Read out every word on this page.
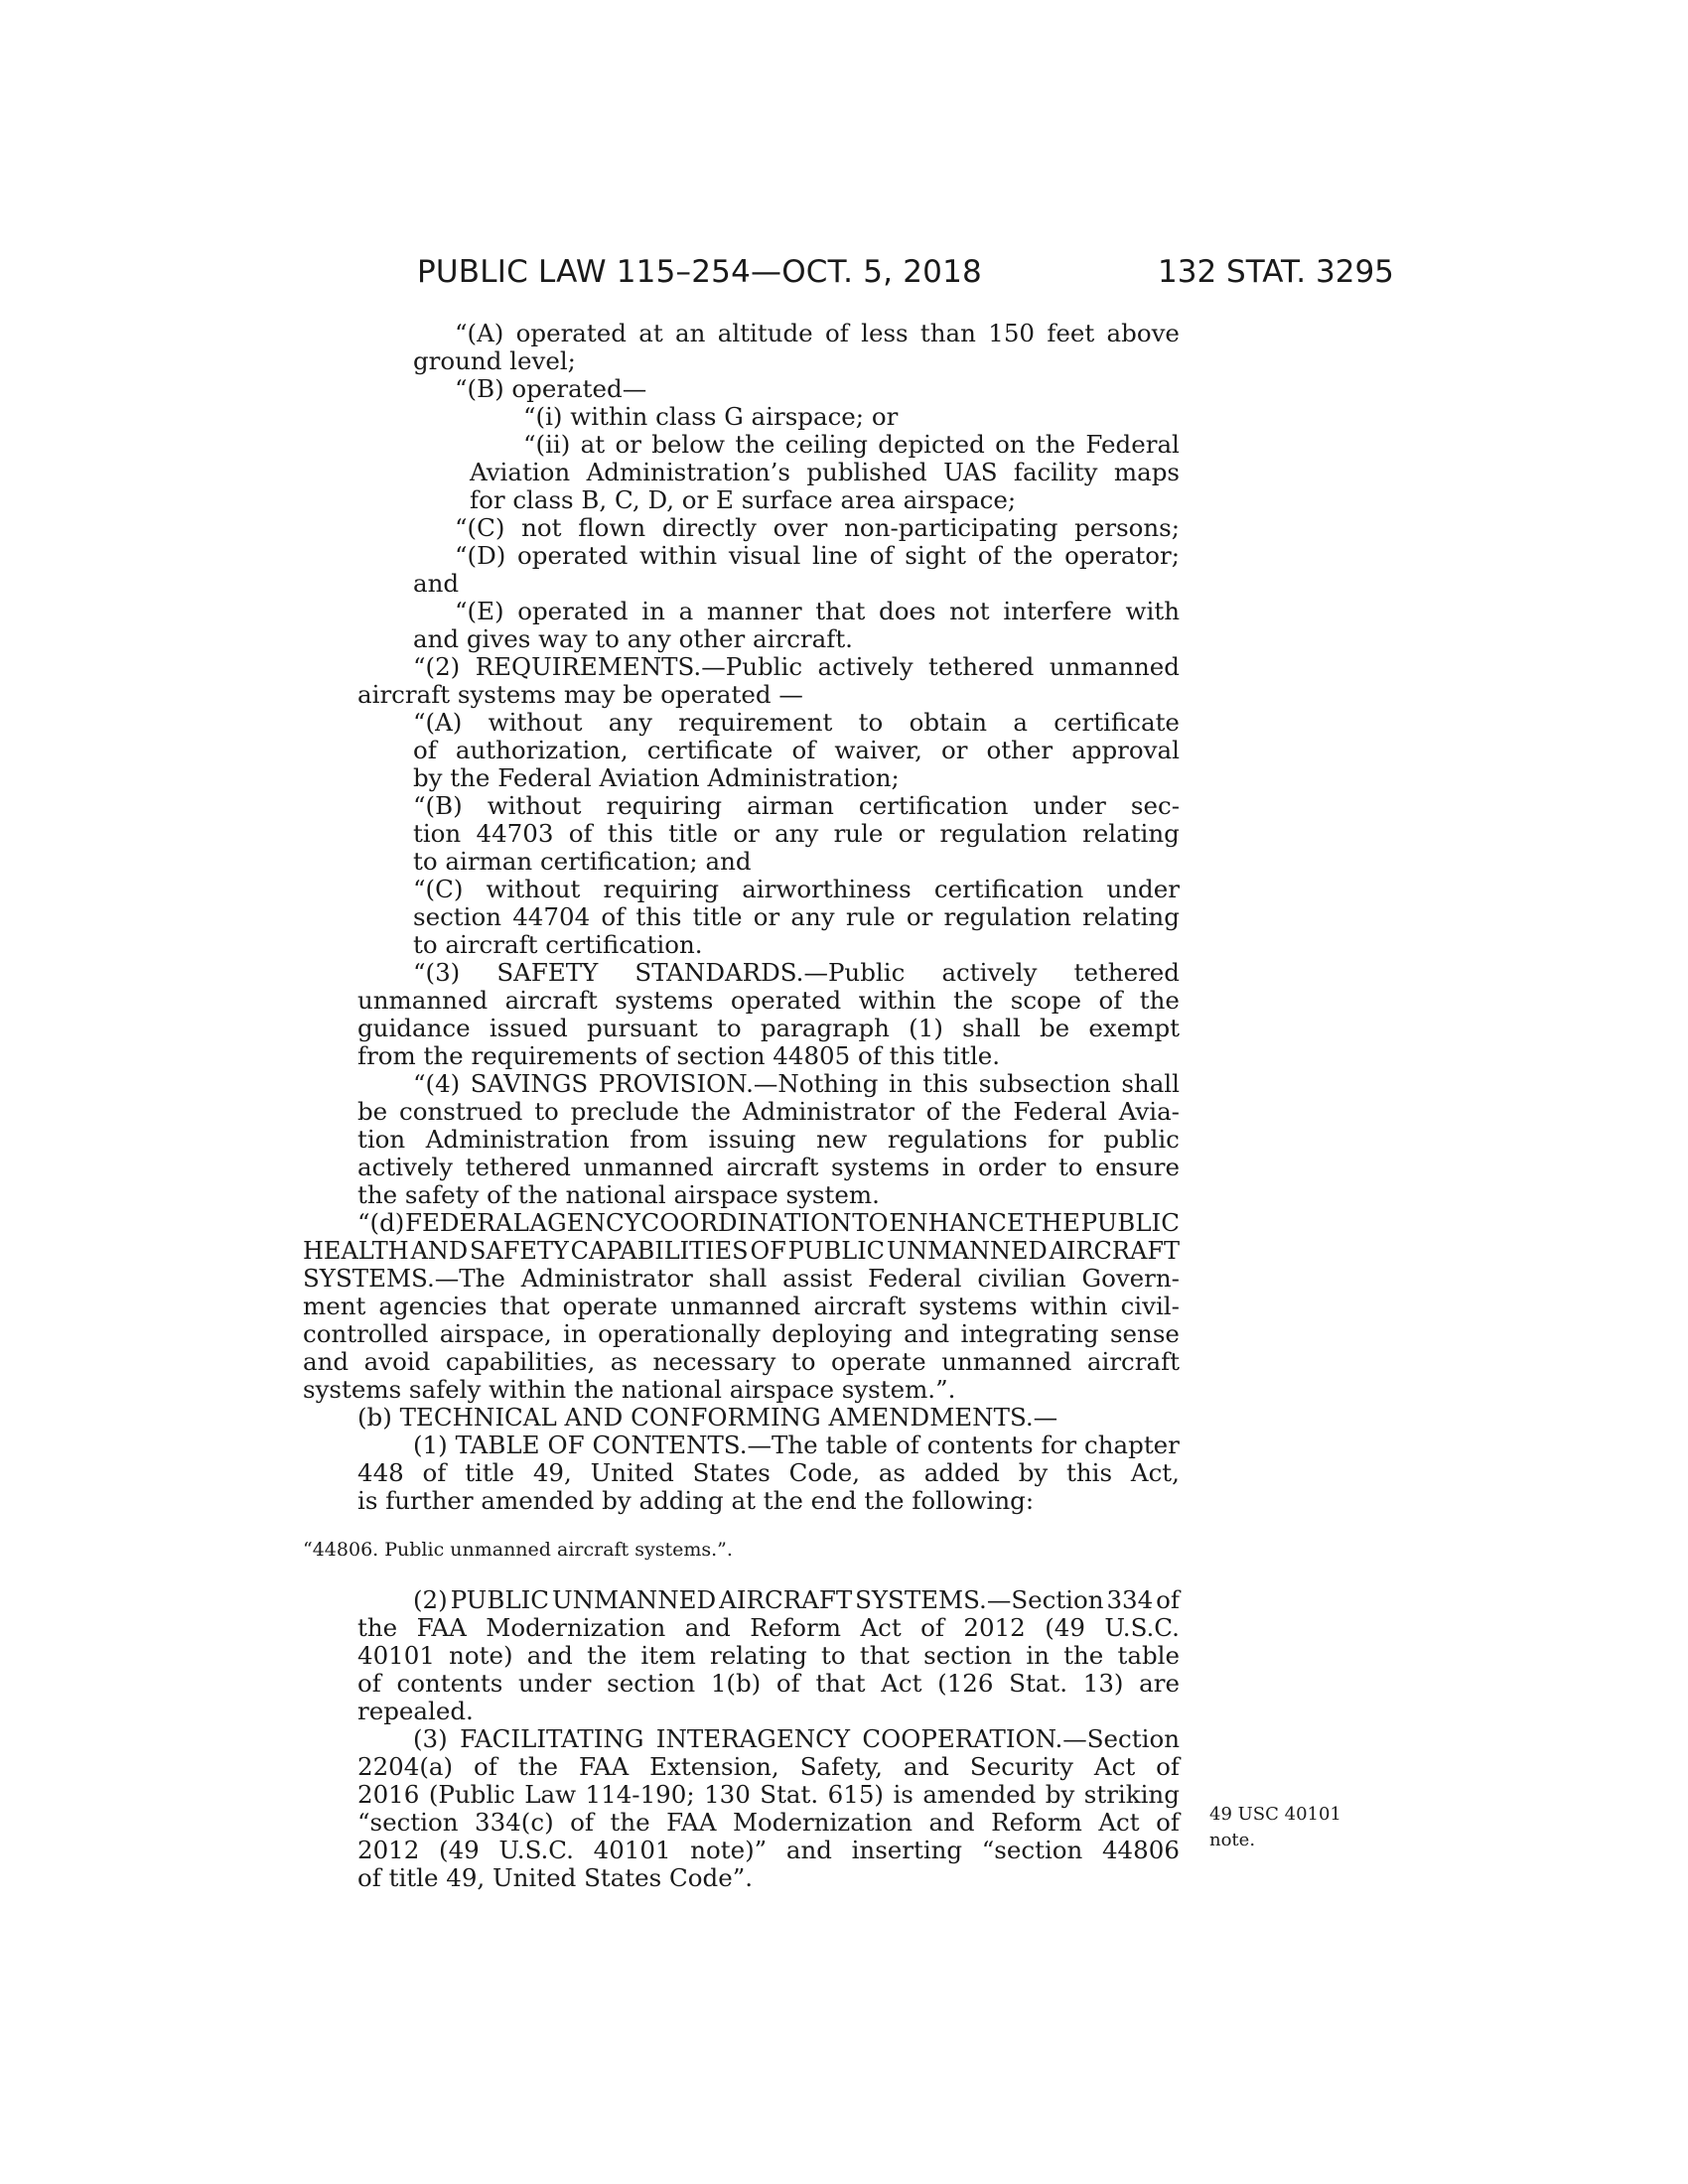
PUBLIC LAW 115–254—OCT. 5, 2018	132 STAT. 3295
“(A) operated at an altitude of less than 150 feet above
ground level;
“(B) operated—
“(i) within class G airspace; or
“(ii) at or below the ceiling depicted on the Federal
Aviation Administration’s published UAS facility maps
for class B, C, D, or E surface area airspace;
“(C) not flown directly over non-participating persons;
“(D) operated within visual line of sight of the operator;
and
“(E) operated in a manner that does not interfere with
and gives way to any other aircraft.
“(2) REQUIREMENTS.—Public actively tethered unmanned
aircraft systems may be operated —
“(A) without any requirement to obtain a certificate
of authorization, certificate of waiver, or other approval
by the Federal Aviation Administration;
“(B) without requiring airman certification under sec-
tion 44703 of this title or any rule or regulation relating
to airman certification; and
“(C) without requiring airworthiness certification under
section 44704 of this title or any rule or regulation relating
to aircraft certification.
“(3) SAFETY STANDARDS.—Public actively tethered
unmanned aircraft systems operated within the scope of the
guidance issued pursuant to paragraph (1) shall be exempt
from the requirements of section 44805 of this title.
“(4) SAVINGS PROVISION.—Nothing in this subsection shall
be construed to preclude the Administrator of the Federal Avia-
tion Administration from issuing new regulations for public
actively tethered unmanned aircraft systems in order to ensure
the safety of the national airspace system.
“(d) FEDERAL AGENCY COORDINATION TO ENHANCE THE PUBLIC
HEALTH AND SAFETY CAPABILITIES OF PUBLIC UNMANNED AIRCRAFT
SYSTEMS.—The Administrator shall assist Federal civilian Govern-
ment agencies that operate unmanned aircraft systems within civil-
controlled airspace, in operationally deploying and integrating sense
and avoid capabilities, as necessary to operate unmanned aircraft
systems safely within the national airspace system.”.
(b) TECHNICAL AND CONFORMING AMENDMENTS.—
(1) TABLE OF CONTENTS.—The table of contents for chapter
448 of title 49, United States Code, as added by this Act,
is further amended by adding at the end the following:
“44806. Public unmanned aircraft systems.”.
(2) PUBLIC UNMANNED AIRCRAFT SYSTEMS.—Section 334 of
the FAA Modernization and Reform Act of 2012 (49 U.S.C.
40101 note) and the item relating to that section in the table
of contents under section 1(b) of that Act (126 Stat. 13) are
repealed.
(3) FACILITATING INTERAGENCY COOPERATION.—Section
2204(a) of the FAA Extension, Safety, and Security Act of
2016 (Public Law 114-190; 130 Stat. 615) is amended by striking
“section 334(c) of the FAA Modernization and Reform Act of
2012 (49 U.S.C. 40101 note)” and inserting “section 44806
of title 49, United States Code”.
49 USC 40101
note.
